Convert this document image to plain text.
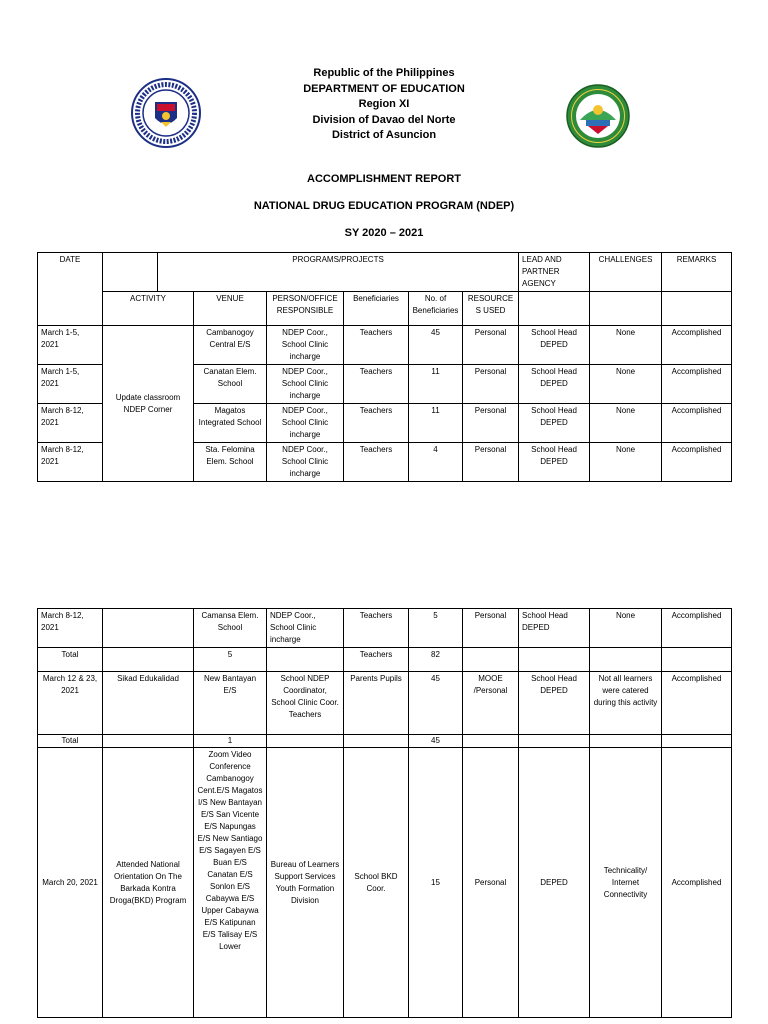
Republic of the Philippines
DEPARTMENT OF EDUCATION
Region XI
Division of Davao del Norte
District of Asuncion
ACCOMPLISHMENT REPORT
NATIONAL DRUG EDUCATION PROGRAM (NDEP)
SY 2020 – 2021
DATE		PROGRAMS/PROJECTS						LEAD AND PARTNER AGENCY	CHALLENGES	REMARKS
	ACTIVITY		VENUE	PERSON/OFFICE RESPONSIBLE	Beneficiaries	No. of Beneficiaries	RESOURCES USED			
March 1-5, 2021	Update classroom NDEP Corner		Cambanogoy Central E/S	NDEP Coor., School Clinic incharge	Teachers	45	Personal	School Head DEPED	None	Accomplished
March 1-5, 2021			Canatan Elem. School	NDEP Coor., School Clinic incharge	Teachers	11	Personal	School Head DEPED	None	Accomplished
March 8-12, 2021			Magatos Integrated School	NDEP Coor., School Clinic incharge	Teachers	11	Personal	School Head DEPED	None	Accomplished
March 8-12, 2021			Sta. Felomina Elem. School	NDEP Coor., School Clinic incharge	Teachers	4	Personal	School Head DEPED	None	Accomplished
March 8-12, 2021		Camansa Elem. School	NDEP Coor., School Clinic incharge	Teachers	5	Personal	School Head DEPED	None	Accomplished
Total		5		Teachers	82				
March 12 & 23, 2021	Sikad Edukalidad	New Bantayan E/S	School NDEP Coordinator, School Clinic Coor. Teachers	Parents Pupils	45	MOOE /Personal	School Head DEPED	Not all learners were catered during this activity	Accomplished
Total		1			45				
March 20, 2021	Attended National Orientation On The Barkada Kontra Droga(BKD) Program	Zoom Video Conference Cambanogoy Cent.E/S Magatos I/S New Bantayan E/S San Vicente E/S Napungas E/S New Santiago E/S Sagayen E/S Buan E/S Canatan E/S Sonlon E/S Cabaywa E/S Upper Cabaywa E/S Katipunan E/S Talisay E/S Lower	Bureau of Learners Support Services Youth Formation Division	School BKD Coor.	15	Personal	DEPED	Technicality/ Internet Connectivity	Accomplished
